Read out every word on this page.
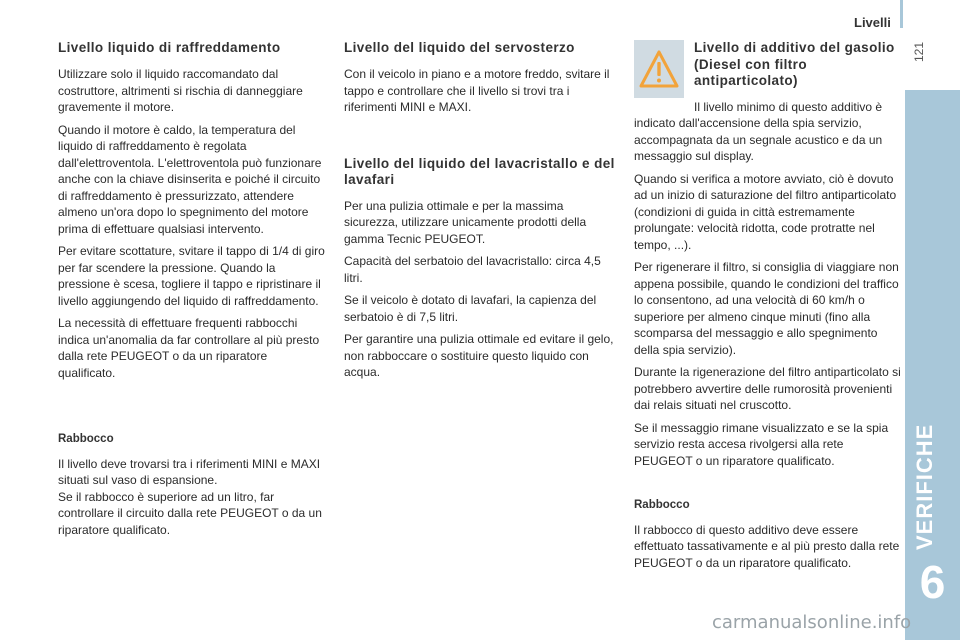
Livelli
121
VERIFICHE
6
Livello liquido di raffreddamento

Utilizzare solo il liquido raccomandato dal costruttore, altrimenti si rischia di danneggiare gravemente il motore.

Quando il motore è caldo, la temperatura del liquido di raffreddamento è regolata dall'elettroventola. L'elettroventola può funzionare anche con la chiave disinserita e poiché il circuito di raffreddamento è pressurizzato, attendere almeno un'ora dopo lo spegnimento del motore prima di effettuare qualsiasi intervento.

Per evitare scottature, svitare il tappo di 1/4 di giro per far scendere la pressione. Quando la pressione è scesa, togliere il tappo e ripristinare il livello aggiungendo del liquido di raffreddamento.

La necessità di effettuare frequenti rabbocchi indica un'anomalia da far controllare al più presto dalla rete PEUGEOT o da un riparatore qualificato.

Rabbocco

Il livello deve trovarsi tra i riferimenti MINI e MAXI situati sul vaso di espansione.

Se il rabbocco è superiore ad un litro, far controllare il circuito dalla rete PEUGEOT o da un riparatore qualificato.

Livello del liquido del servosterzo

Con il veicolo in piano e a motore freddo, svitare il tappo e controllare che il livello si trovi tra i riferimenti MINI e MAXI.

Livello del liquido del lavacristallo e del lavafari

Per una pulizia ottimale e per la massima sicurezza, utilizzare unicamente prodotti della gamma Tecnic PEUGEOT.

Capacità del serbatoio del lavacristallo: circa 4,5 litri.

Se il veicolo è dotato di lavafari, la capienza del serbatoio è di 7,5 litri.

Per garantire una pulizia ottimale ed evitare il gelo, non rabboccare o sostituire questo liquido con acqua.

Livello di additivo del gasolio (Diesel con filtro antiparticolato)

Il livello minimo di questo additivo è indicato dall'accensione della spia servizio, accompagnata da un segnale acustico e da un messaggio sul display.

Quando si verifica a motore avviato, ciò è dovuto ad un inizio di saturazione del filtro antiparticolato (condizioni di guida in città estremamente prolungate: velocità ridotta, code protratte nel tempo, ...).

Per rigenerare il filtro, si consiglia di viaggiare non appena possibile, quando le condizioni del traffico lo consentono, ad una velocità di 60 km/h o superiore per almeno cinque minuti (fino alla scomparsa del messaggio e allo spegnimento della spia servizio).

Durante la rigenerazione del filtro antiparticolato si potrebbero avvertire delle rumorosità provenienti dai relais situati nel cruscotto.

Se il messaggio rimane visualizzato e se la spia servizio resta accesa rivolgersi alla rete PEUGEOT o un riparatore qualificato.

Rabbocco

Il rabbocco di questo additivo deve essere effettuato tassativamente e al più presto dalla rete PEUGEOT o da un riparatore qualificato.

carmanualsonline.info
